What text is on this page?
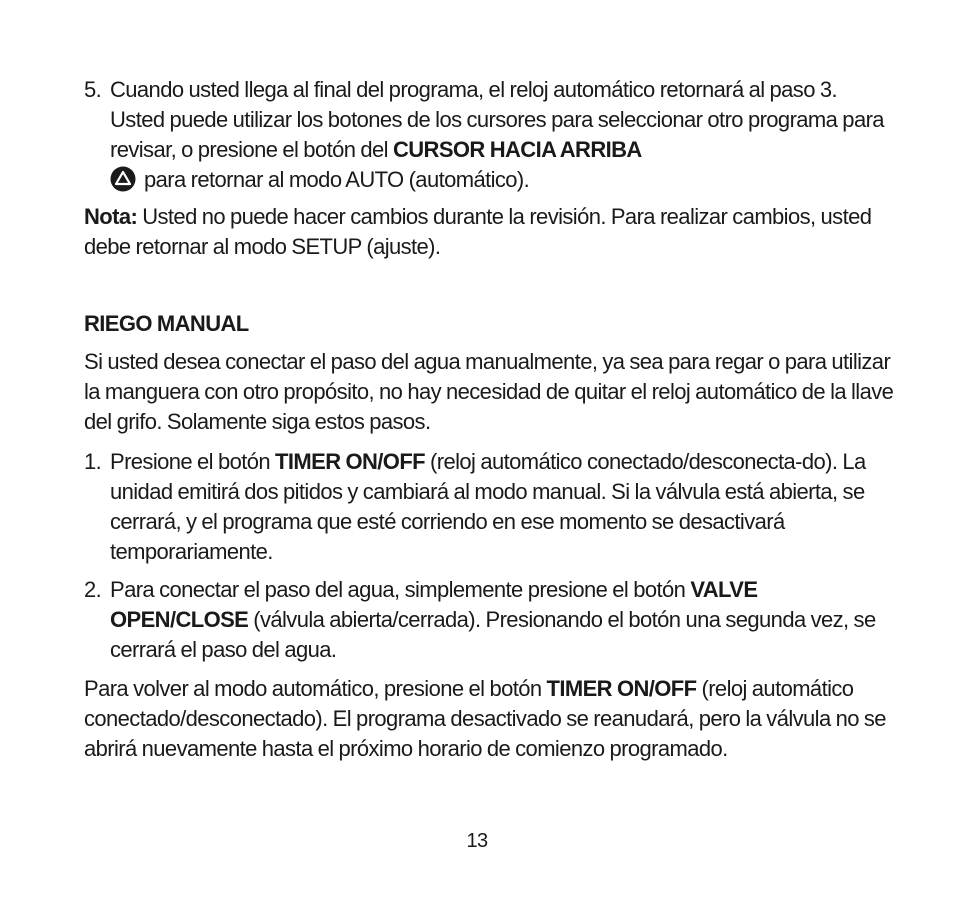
5. Cuando usted llega al final del programa, el reloj automático retornará al paso 3. Usted puede utilizar los botones de los cursores para seleccionar otro programa para revisar, o presione el botón del CURSOR HACIA ARRIBA
para retornar al modo AUTO (automático).
Nota: Usted no puede hacer cambios durante la revisión. Para realizar cambios, usted debe retornar al modo SETUP (ajuste).
RIEGO MANUAL
Si usted desea conectar el paso del agua manualmente, ya sea para regar o para utilizar la manguera con otro propósito, no hay necesidad de quitar el reloj automático de la llave del grifo. Solamente siga estos pasos.
1. Presione el botón TIMER ON/OFF (reloj automático conectado/desconecta-do). La unidad emitirá dos pitidos y cambiará al modo manual. Si la válvula está abierta, se cerrará, y el programa que esté corriendo en ese momento se desactivará temporariamente.
2. Para conectar el paso del agua, simplemente presione el botón VALVE OPEN/CLOSE (válvula abierta/cerrada). Presionando el botón una segunda vez, se cerrará el paso del agua.
Para volver al modo automático, presione el botón TIMER ON/OFF (reloj automático conectado/desconectado). El programa desactivado se reanudará, pero la válvula no se abrirá nuevamente hasta el próximo horario de comienzo programado.
13
